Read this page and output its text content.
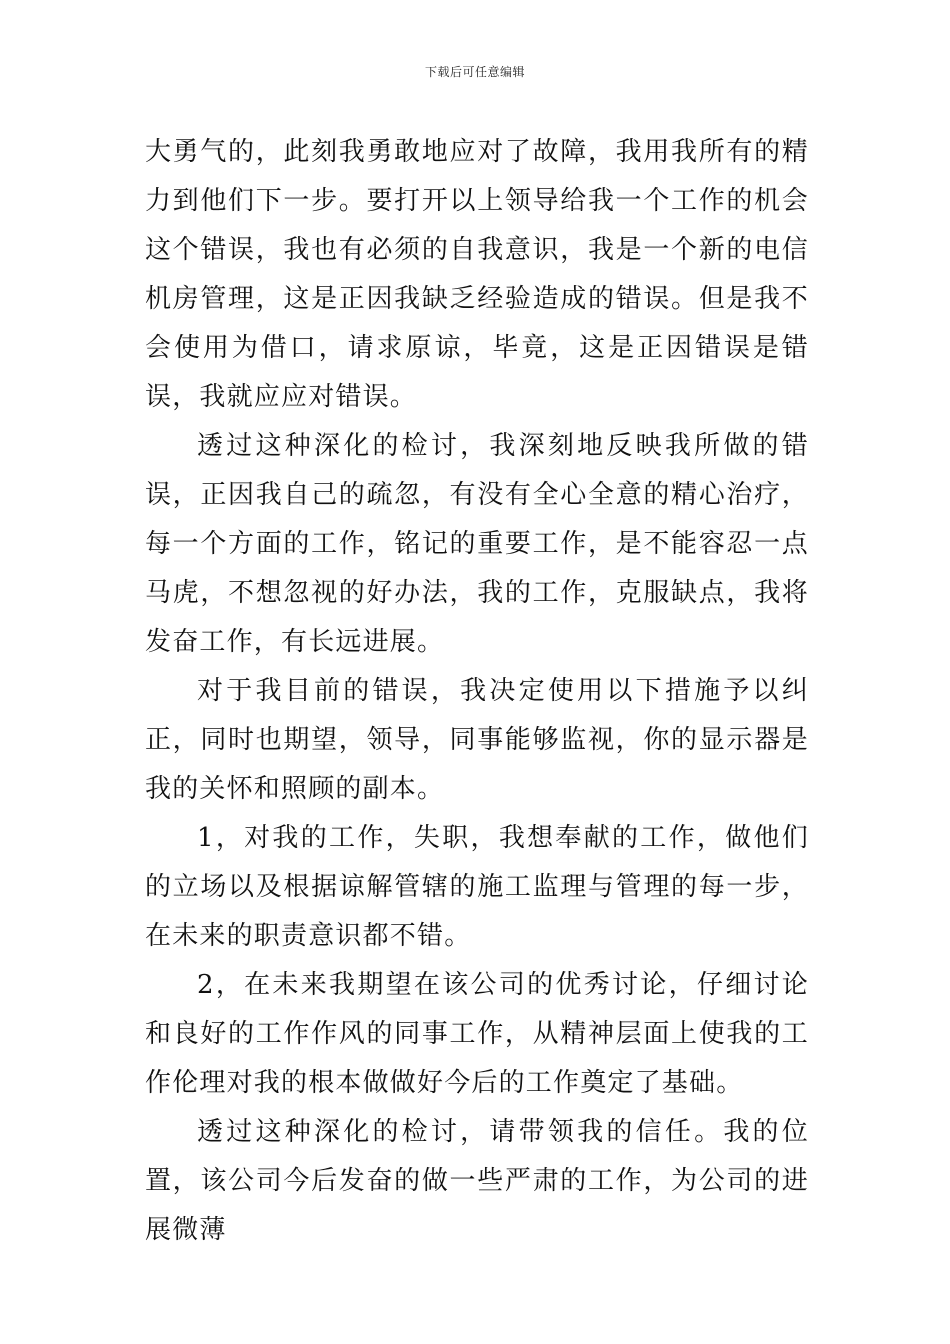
下载后可任意编辑

大勇气的，此刻我勇敢地应对了故障，我用我所有的精力到他们下一步。要打开以上领导给我一个工作的机会这个错误，我也有必须的自我意识，我是一个新的电信机房管理，这是正因我缺乏经验造成的错误。但是我不会使用为借口，请求原谅，毕竟，这是正因错误是错误，我就应应对错误。

透过这种深化的检讨，我深刻地反映我所做的错误，正因我自己的疏忽，有没有全心全意的精心治疗，每一个方面的工作，铭记的重要工作，是不能容忍一点马虎，不想忽视的好办法，我的工作，克服缺点，我将发奋工作，有长远进展。

对于我目前的错误，我决定使用以下措施予以纠正，同时也期望，领导，同事能够监视，你的显示器是我的关怀和照顾的副本。

1，对我的工作，失职，我想奉献的工作，做他们的立场以及根据谅解管辖的施工监理与管理的每一步，在未来的职责意识都不错。

2，在未来我期望在该公司的优秀讨论，仔细讨论和良好的工作作风的同事工作，从精神层面上使我的工作伦理对我的根本做做好今后的工作奠定了基础。

透过这种深化的检讨，请带领我的信任。我的位置，该公司今后发奋的做一些严肃的工作，为公司的进展微薄
